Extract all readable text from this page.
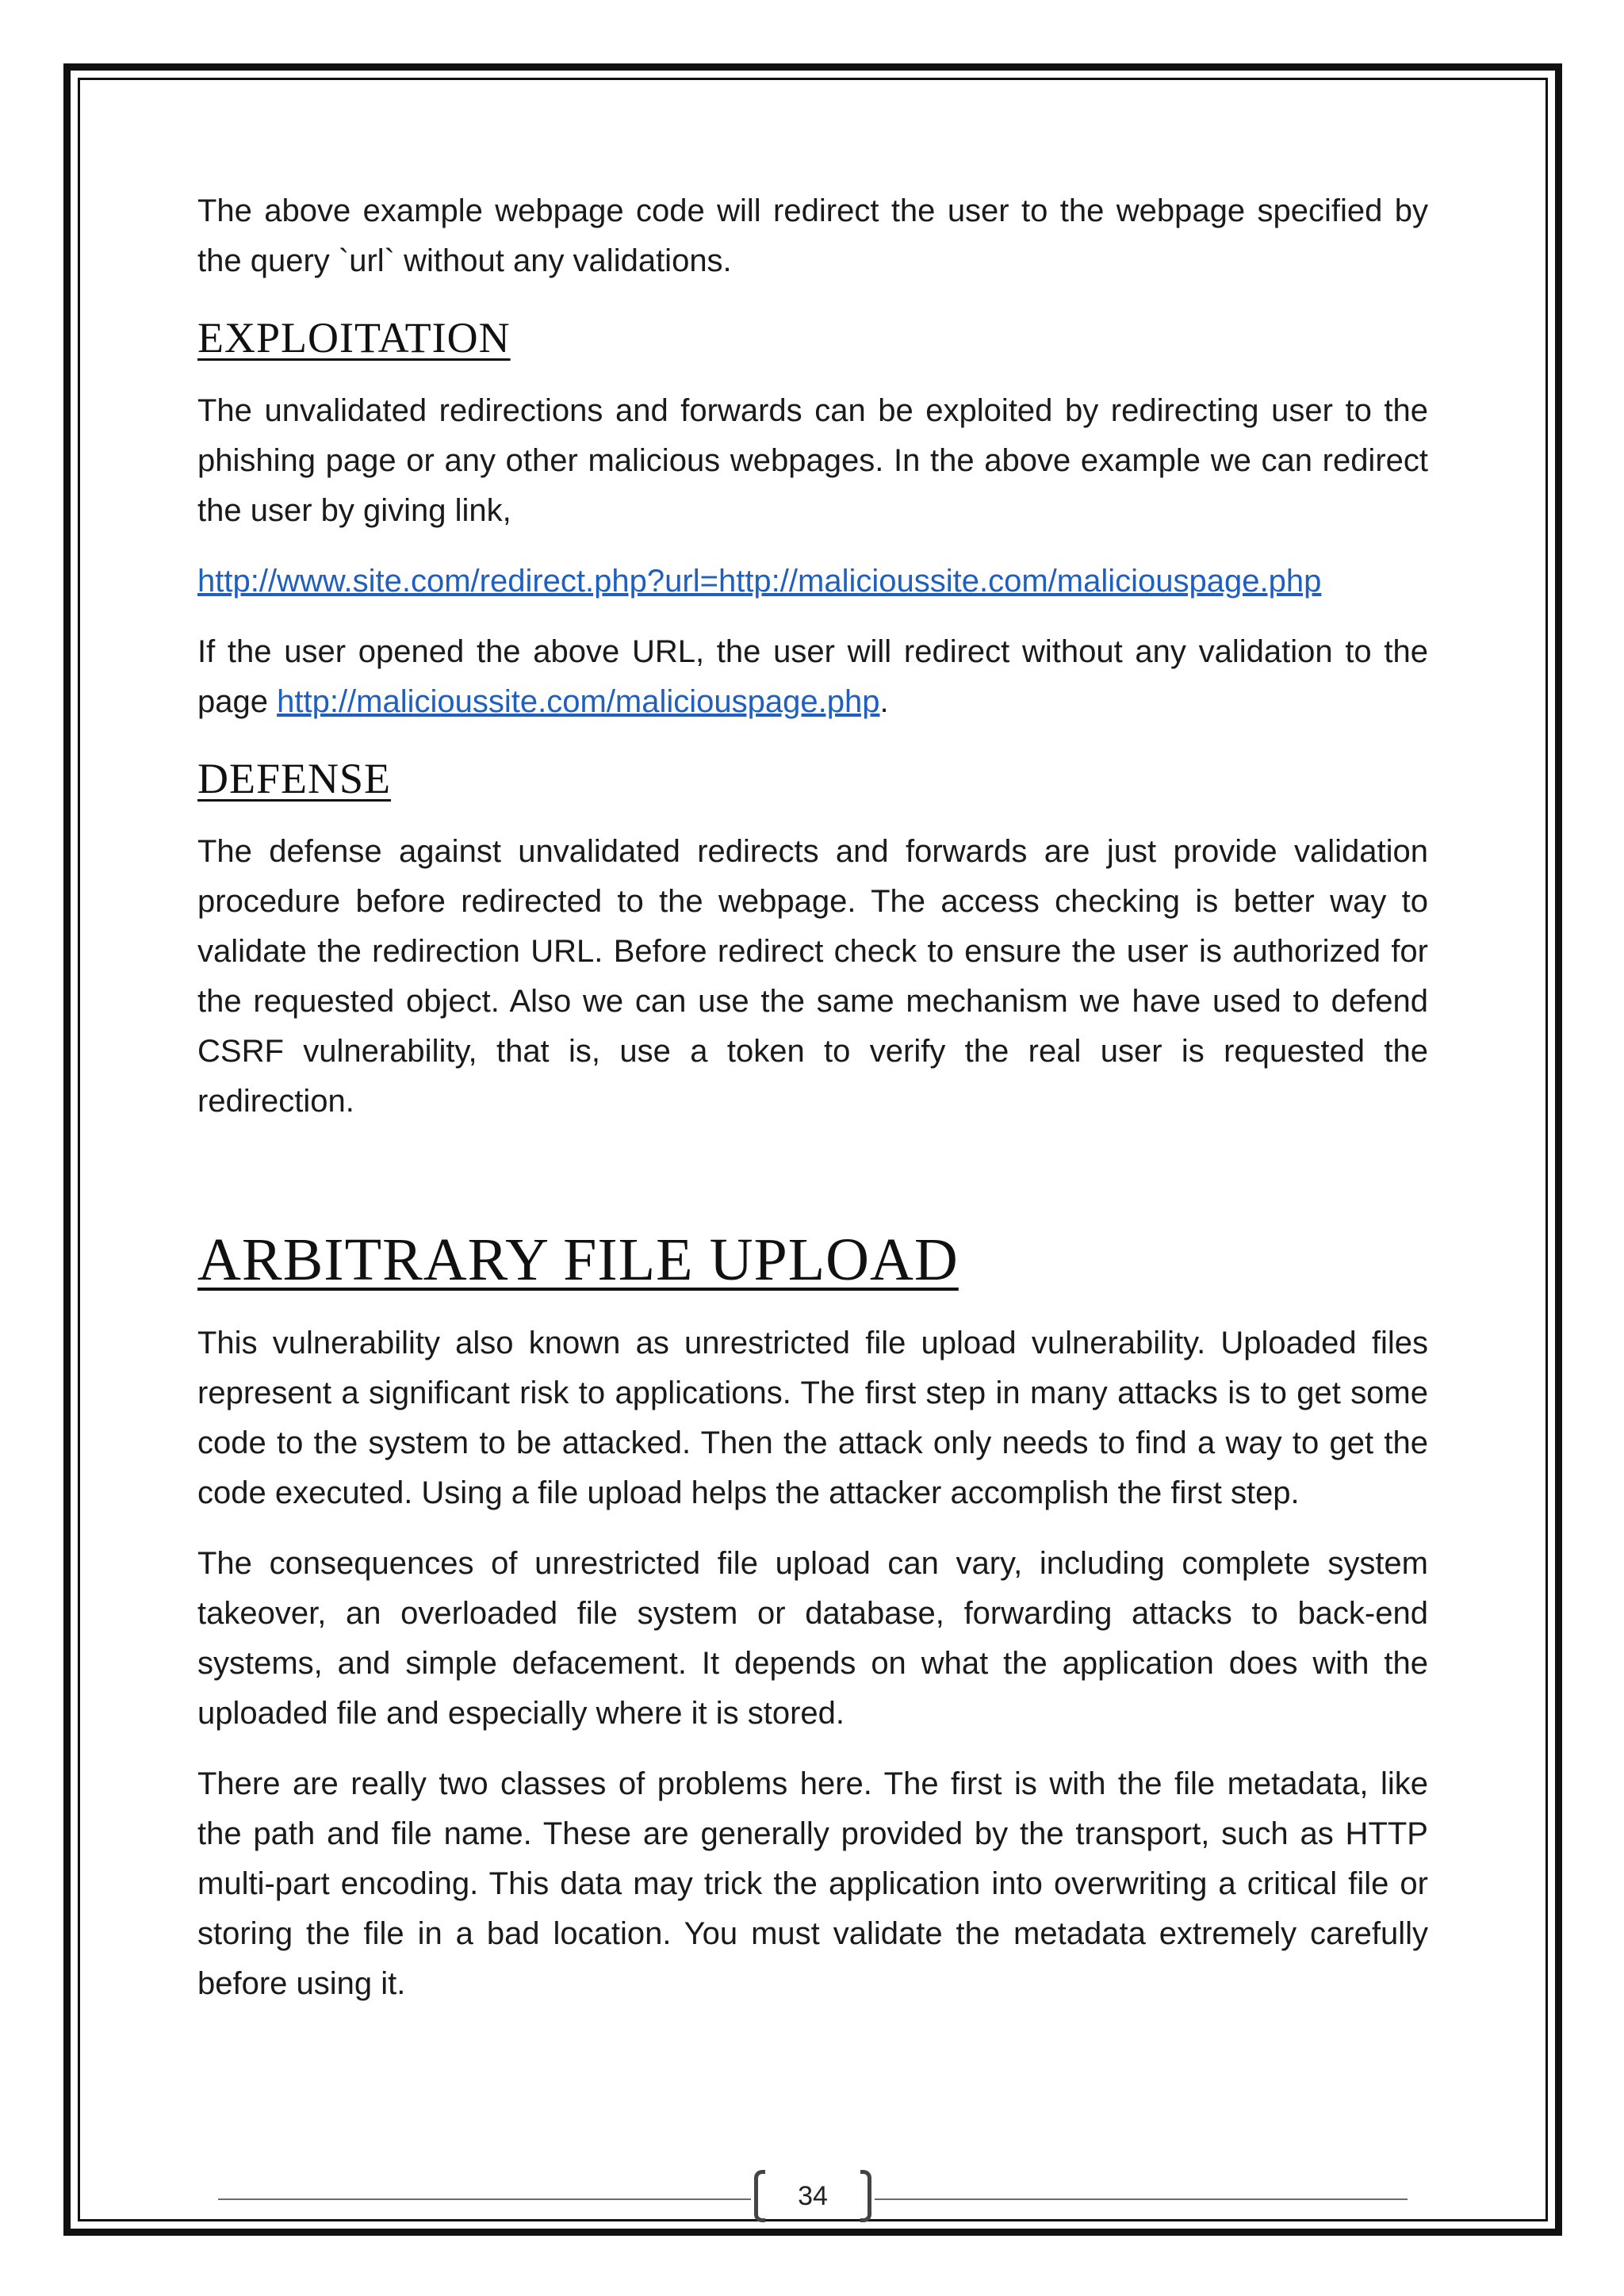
The above example webpage code will redirect the user to the webpage specified by the query `url` without any validations.

EXPLOITATION

The unvalidated redirections and forwards can be exploited by redirecting user to the phishing page or any other malicious webpages. In the above example we can redirect the user by giving link,

http://www.site.com/redirect.php?url=http://malicioussite.com/maliciouspage.php

If the user opened the above URL, the user will redirect without any validation to the page http://malicioussite.com/maliciouspage.php.

DEFENSE

The defense against unvalidated redirects and forwards are just provide validation procedure before redirected to the webpage. The access checking is better way to validate the redirection URL. Before redirect check to ensure the user is authorized for the requested object. Also we can use the same mechanism we have used to defend CSRF vulnerability, that is, use a token to verify the real user is requested the redirection.

ARBITRARY FILE UPLOAD

This vulnerability also known as unrestricted file upload vulnerability. Uploaded files represent a significant risk to applications. The first step in many attacks is to get some code to the system to be attacked. Then the attack only needs to find a way to get the code executed. Using a file upload helps the attacker accomplish the first step.

The consequences of unrestricted file upload can vary, including complete system takeover, an overloaded file system or database, forwarding attacks to back-end systems, and simple defacement. It depends on what the application does with the uploaded file and especially where it is stored.

There are really two classes of problems here. The first is with the file metadata, like the path and file name. These are generally provided by the transport, such as HTTP multi-part encoding. This data may trick the application into overwriting a critical file or storing the file in a bad location. You must validate the metadata extremely carefully before using it.

34
